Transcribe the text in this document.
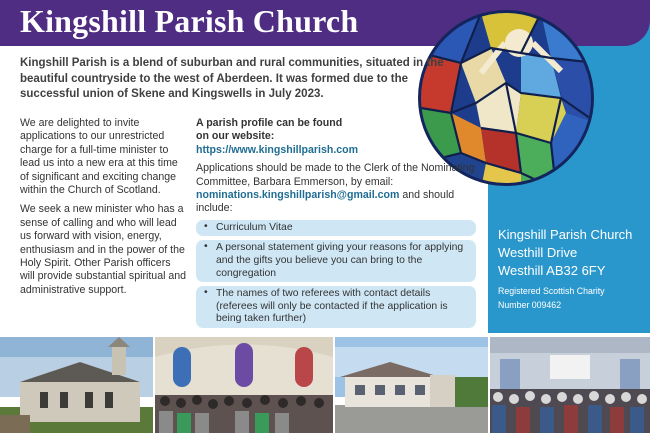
Kingshill Parish Church

Kingshill Parish is a blend of suburban and rural communities, situated in the beautiful countryside to the west of Aberdeen. It was formed due to the successful union of Skene and Kingswells in July 2023.

We are delighted to invite applications to our unrestricted charge for a full-time minister to lead us into a new era at this time of significant and exciting change within the Church of Scotland.

We seek a new minister who has a sense of calling and who will lead us forward with vision, energy, enthusiasm and in the power of the Holy Spirit. Other Parish officers will provide substantial spiritual and administrative support.

A parish profile can be found
on our website:
https://www.kingshillparish.com
Applications should be made to the Clerk of the Nominating Committee, Barbara Emmerson, by email: nominations.kingshillparish@gmail.com and should include:
• Curriculum Vitae
• A personal statement giving your reasons for applying and the gifts you believe you can bring to the congregation
• The names of two referees with contact details (referees will only be contacted if the application is being taken further)
Kingshill Parish Church
Westhill Drive
Westhill AB32 6FY
Registered Scottish Charity
Number 009462
